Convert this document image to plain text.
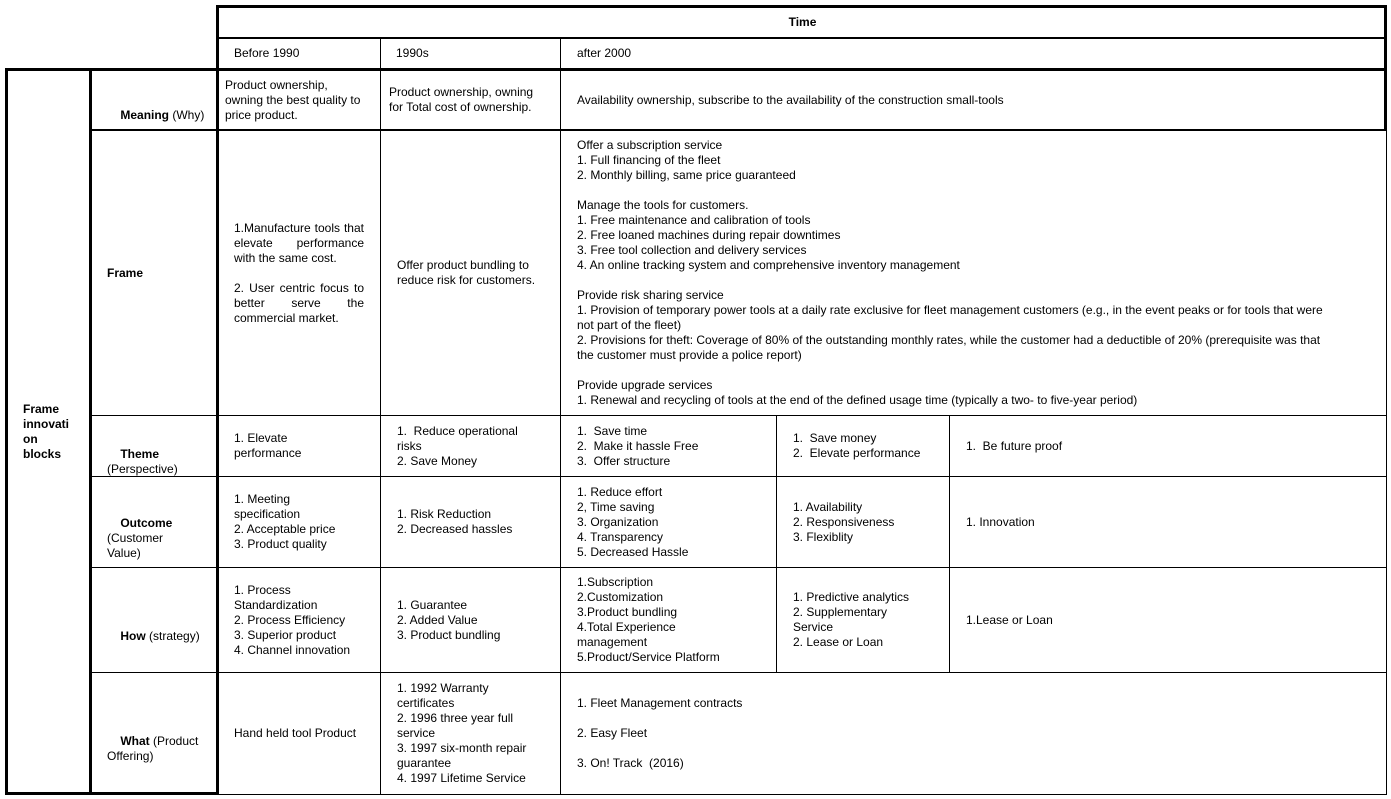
Time
Before 1990	1990s	after 2000
Frame
innovati
on
blocks

Meaning (Why)

Product ownership,
owning the best quality to
price product.
Product ownership, owning
for Total cost of ownership.
Availability ownership, subscribe to the availability of the construction small-tools
Frame
1.Manufacture tools that elevate performance with the same cost.
2. User centric focus to better serve the commercial market.
Offer product bundling to
reduce risk for customers.
Offer a subscription service
1. Full financing of the fleet
2. Monthly billing, same price guaranteed

Manage the tools for customers.
1. Free maintenance and calibration of tools
2. Free loaned machines during repair downtimes
3. Free tool collection and delivery services
4. An online tracking system and comprehensive inventory management

Provide risk sharing service
1. Provision of temporary power tools at a daily rate exclusive for fleet management customers (e.g., in the event peaks or for tools that were
not part of the fleet)
2. Provisions for theft: Coverage of 80% of the outstanding monthly rates, while the customer had a deductible of 20% (prerequisite was that
the customer must provide a police report)

Provide upgrade services
1. Renewal and recycling of tools at the end of the defined usage time (typically a two- to five-year period)

Theme
(Perspective)

1. Elevate
performance
1.  Reduce operational
risks
2. Save Money
1.  Save time
2.  Make it hassle Free
3.  Offer structure
1.  Save money
2.  Elevate performance
1.  Be future proof

Outcome
(Customer
Value)

1. Meeting
specification
2. Acceptable price
3. Product quality
1. Risk Reduction
2. Decreased hassles
1. Reduce effort
2, Time saving
3. Organization
4. Transparency
5. Decreased Hassle
1. Availability
2. Responsiveness
3. Flexiblity
1. Innovation

How (strategy)

1. Process
Standardization
2. Process Efficiency
3. Superior product
4. Channel innovation
1. Guarantee
2. Added Value
3. Product bundling
1.Subscription
2.Customization
3.Product bundling
4.Total Experience
management
5.Product/Service Platform
1. Predictive analytics
2. Supplementary
Service
2. Lease or Loan
1.Lease or Loan

What (Product
Offering)

Hand held tool Product
1. 1992 Warranty
certificates
2. 1996 three year full
service
3. 1997 six-month repair
guarantee
4. 1997 Lifetime Service
1. Fleet Management contracts

2. Easy Fleet

3. On! Track  (2016)
